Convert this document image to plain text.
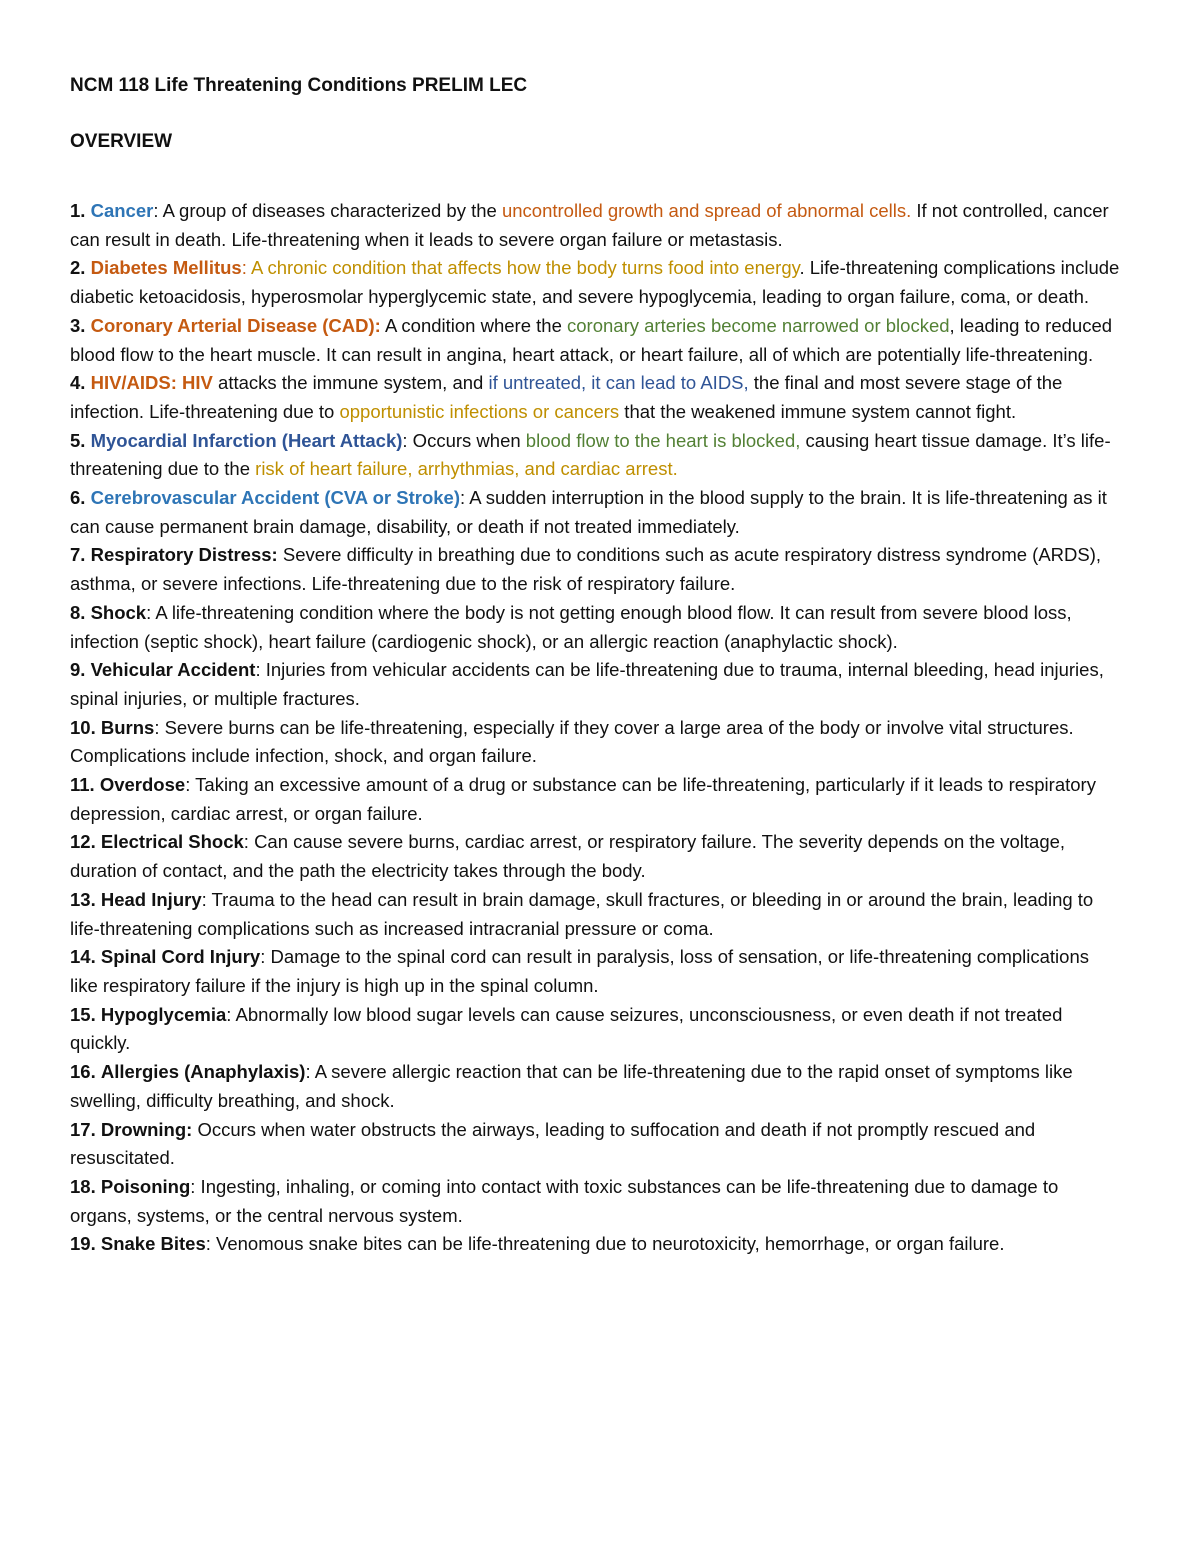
NCM 118 Life Threatening Conditions PRELIM LEC

OVERVIEW

1. Cancer: A group of diseases characterized by the uncontrolled growth and spread of abnormal cells. If not controlled, cancer can result in death. Life-threatening when it leads to severe organ failure or metastasis.

2. Diabetes Mellitus: A chronic condition that affects how the body turns food into energy. Life-threatening complications include diabetic ketoacidosis, hyperosmolar hyperglycemic state, and severe hypoglycemia, leading to organ failure, coma, or death.

3. Coronary Arterial Disease (CAD): A condition where the coronary arteries become narrowed or blocked, leading to reduced blood flow to the heart muscle. It can result in angina, heart attack, or heart failure, all of which are potentially life-threatening.

4. HIV/AIDS: HIV attacks the immune system, and if untreated, it can lead to AIDS, the final and most severe stage of the infection. Life-threatening due to opportunistic infections or cancers that the weakened immune system cannot fight.

5. Myocardial Infarction (Heart Attack): Occurs when blood flow to the heart is blocked, causing heart tissue damage. It’s life-threatening due to the risk of heart failure, arrhythmias, and cardiac arrest.

6. Cerebrovascular Accident (CVA or Stroke): A sudden interruption in the blood supply to the brain. It is life-threatening as it can cause permanent brain damage, disability, or death if not treated immediately.

7. Respiratory Distress: Severe difficulty in breathing due to conditions such as acute respiratory distress syndrome (ARDS), asthma, or severe infections. Life-threatening due to the risk of respiratory failure.

8. Shock: A life-threatening condition where the body is not getting enough blood flow. It can result from severe blood loss, infection (septic shock), heart failure (cardiogenic shock), or an allergic reaction (anaphylactic shock).

9. Vehicular Accident: Injuries from vehicular accidents can be life-threatening due to trauma, internal bleeding, head injuries, spinal injuries, or multiple fractures.

10. Burns: Severe burns can be life-threatening, especially if they cover a large area of the body or involve vital structures. Complications include infection, shock, and organ failure.

11. Overdose: Taking an excessive amount of a drug or substance can be life-threatening, particularly if it leads to respiratory depression, cardiac arrest, or organ failure.

12. Electrical Shock: Can cause severe burns, cardiac arrest, or respiratory failure. The severity depends on the voltage, duration of contact, and the path the electricity takes through the body.

13. Head Injury: Trauma to the head can result in brain damage, skull fractures, or bleeding in or around the brain, leading to life-threatening complications such as increased intracranial pressure or coma.

14. Spinal Cord Injury: Damage to the spinal cord can result in paralysis, loss of sensation, or life-threatening complications like respiratory failure if the injury is high up in the spinal column.

15. Hypoglycemia: Abnormally low blood sugar levels can cause seizures, unconsciousness, or even death if not treated quickly.

16. Allergies (Anaphylaxis): A severe allergic reaction that can be life-threatening due to the rapid onset of symptoms like swelling, difficulty breathing, and shock.

17. Drowning: Occurs when water obstructs the airways, leading to suffocation and death if not promptly rescued and resuscitated.

18. Poisoning: Ingesting, inhaling, or coming into contact with toxic substances can be life-threatening due to damage to organs, systems, or the central nervous system.

19. Snake Bites: Venomous snake bites can be life-threatening due to neurotoxicity, hemorrhage, or organ failure.
